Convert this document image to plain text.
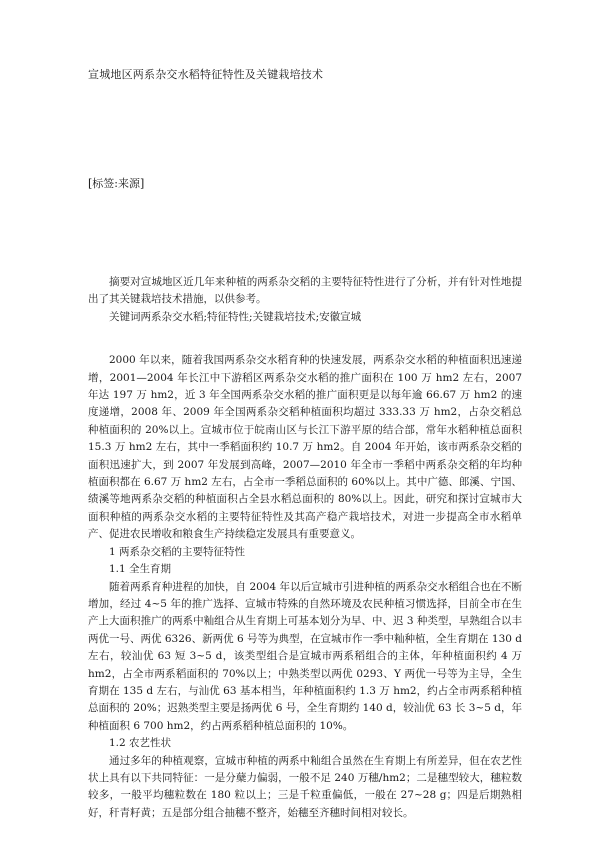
宣城地区两系杂交水稻特征特性及关键栽培技术
[标签:来源]

摘要对宣城地区近几年来种植的两系杂交稻的主要特征特性进行了分析，并有针对性地提出了其关键栽培技术措施，以供参考。

关键词两系杂交水稻;特征特性;关键栽培技术;安徽宣城

2000 年以来，随着我国两系杂交水稻育种的快速发展，两系杂交水稻的种植面积迅速递增，2001—2004 年长江中下游稻区两系杂交水稻的推广面积在 100 万 hm2 左右，2007 年达 197 万 hm2，近 3 年全国两系杂交水稻的推广面积更是以每年逾 66.67 万 hm2 的速度递增，2008 年、2009 年全国两系杂交稻种植面积均超过 333.33 万 hm2，占杂交稻总种植面积的 20%以上。宣城市位于皖南山区与长江下游平原的结合部，常年水稻种植总面积 15.3 万 hm2 左右，其中一季稻面积约 10.7 万 hm2。自 2004 年开始，该市两系杂交稻的面积迅速扩大，到 2007 年发展到高峰，2007—2010 年全市一季稻中两系杂交稻的年均种植面积都在 6.67 万 hm2 左右，占全市一季稻总面积的 60%以上。其中广德、郎溪、宁国、绩溪等地两系杂交稻的种植面积占全县水稻总面积的 80%以上。因此，研究和探讨宣城市大面积种植的两系杂交水稻的主要特征特性及其高产稳产栽培技术，对进一步提高全市水稻单产、促进农民增收和粮食生产持续稳定发展具有重要意义。

1 两系杂交稻的主要特征特性

1.1 全生育期

随着两系育种进程的加快，自 2004 年以后宣城市引进种植的两系杂交水稻组合也在不断增加，经过 4~5 年的推广选择、宣城市特殊的自然环境及农民种植习惯选择，目前全市在生产上大面积推广的两系中籼组合从生育期上可基本划分为早、中、迟 3 种类型，早熟组合以丰两优一号、两优 6326、新两优 6 号等为典型，在宣城市作一季中籼种植，全生育期在 130 d 左右，较汕优 63 短 3~5 d，该类型组合是宣城市两系稻组合的主体，年种植面积约 4 万 hm2，占全市两系稻面积的 70%以上；中熟类型以两优 0293、Y 两优一号等为主导，全生育期在 135 d 左右，与汕优 63 基本相当，年种植面积约 1.3 万 hm2，约占全市两系稻种植总面积的 20%；迟熟类型主要是扬两优 6 号，全生育期约 140 d，较汕优 63 长 3~5 d，年种植面积 6 700 hm2，约占两系稻种植总面积的 10%。

1.2 农艺性状

通过多年的种植观察，宣城市种植的两系中籼组合虽然在生育期上有所差异，但在农艺性状上具有以下共同特征：一是分蘖力偏弱，一般不足 240 万穗/hm2；二是穗型较大，穗粒数较多，一般平均穗粒数在 180 粒以上；三是千粒重偏低，一般在 27~28 g；四是后期熟相好，秆青籽黄；五是部分组合抽穗不整齐，始穗至齐穗时间相对较长。
